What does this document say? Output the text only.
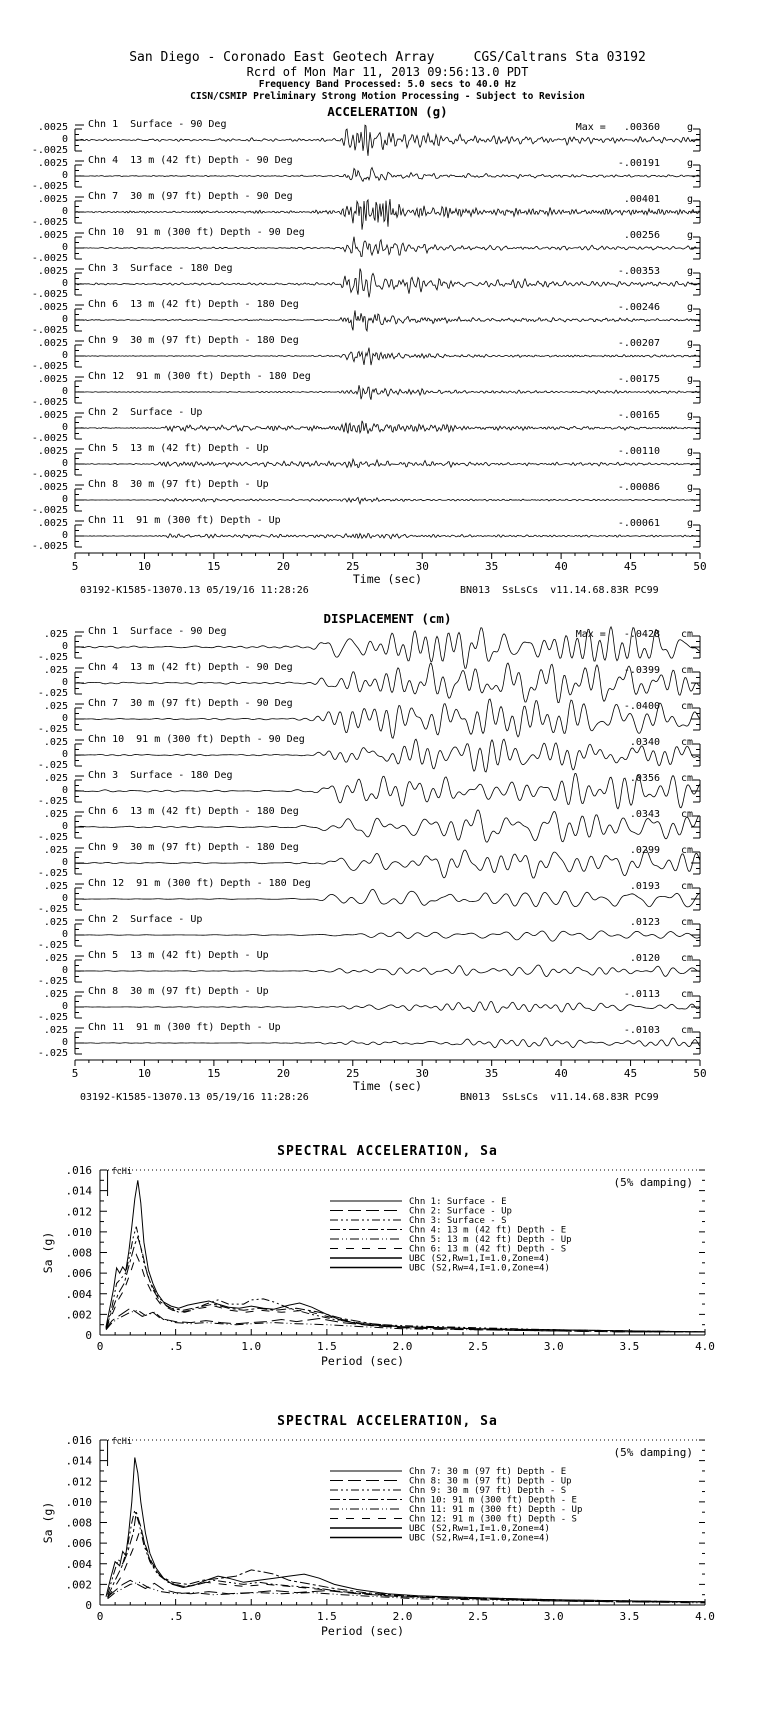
San Diego - Coronado East Geotech Array     CGS/Caltrans Sta 03192
Rcrd of Mon Mar 11, 2013 09:56:13.0 PDT
Frequency Band Processed: 5.0 secs to 40.0 Hz
CISN/CSMIP Preliminary Strong Motion Processing - Subject to Revision
ACCELERATION (g)
.0025
0
-.0025
Chn 1  Surface - 90 Deg	Max =   .00360	g
.0025
0
-.0025
Chn 4  13 m (42 ft) Depth - 90 Deg	-.00191	g
.0025
0
-.0025
Chn 7  30 m (97 ft) Depth - 90 Deg	.00401	g
.0025
0
-.0025
Chn 10  91 m (300 ft) Depth - 90 Deg	.00256	g
.0025
0
-.0025
Chn 3  Surface - 180 Deg	-.00353	g
.0025
0
-.0025
Chn 6  13 m (42 ft) Depth - 180 Deg	-.00246	g
.0025
0
-.0025
Chn 9  30 m (97 ft) Depth - 180 Deg	-.00207	g
.0025
0
-.0025
Chn 12  91 m (300 ft) Depth - 180 Deg	-.00175	g
.0025
0
-.0025
Chn 2  Surface - Up	-.00165	g
.0025
0
-.0025
Chn 5  13 m (42 ft) Depth - Up	-.00110	g
.0025
0
-.0025
Chn 8  30 m (97 ft) Depth - Up	-.00086	g
.0025
0
-.0025
Chn 11  91 m (300 ft) Depth - Up	-.00061	g
5	10	15	20	25	30	35	40	45	50
Time (sec)
03192-K1585-13070.13 05/19/16 11:28:26	BN013  SsLsCs  v11.14.68.83R PC99
DISPLACEMENT (cm)
.025
0
-.025
Chn 1  Surface - 90 Deg	Max =   -.0428 cm
.025
0
-.025
Chn 4  13 m (42 ft) Depth - 90 Deg	-.0399 cm
.025
0
-.025
Chn 7  30 m (97 ft) Depth - 90 Deg	-.0400 cm
.025
0
-.025
Chn 10  91 m (300 ft) Depth - 90 Deg	.0340 cm
.025
0
-.025
Chn 3  Surface - 180 Deg	.0356 cm
.025
0
-.025
Chn 6  13 m (42 ft) Depth - 180 Deg	.0343 cm
.025
0
-.025
Chn 9  30 m (97 ft) Depth - 180 Deg	.0299 cm
.025
0
-.025
Chn 12  91 m (300 ft) Depth - 180 Deg	.0193 cm
.025
0
-.025
Chn 2  Surface - Up	.0123 cm
.025
0
-.025
Chn 5  13 m (42 ft) Depth - Up	.0120 cm
.025
0
-.025
Chn 8  30 m (97 ft) Depth - Up	-.0113 cm
.025
0
-.025
Chn 11  91 m (300 ft) Depth - Up	-.0103 cm
5	10	15	20	25	30	35	40	45	50
Time (sec)
03192-K1585-13070.13 05/19/16 11:28:26	BN013  SsLsCs  v11.14.68.83R PC99
SPECTRAL ACCELERATION, Sa
.002
.004
.006
.008
.010
.012
.014
.016
0
0	.5	1.0	1.5	2.0	2.5	3.0	3.5	4.0
Period (sec)
Sa (g)
fcHi
(5% damping)
Chn 1: Surface - E
Chn 2: Surface - Up
Chn 3: Surface - S
Chn 4: 13 m (42 ft) Depth - E
Chn 5: 13 m (42 ft) Depth - Up
Chn 6: 13 m (42 ft) Depth - S
UBC (S2,Rw=1,I=1.0,Zone=4)
UBC (S2,Rw=4,I=1.0,Zone=4)
SPECTRAL ACCELERATION, Sa
.002
.004
.006
.008
.010
.012
.014
.016
0
0	.5	1.0	1.5	2.0	2.5	3.0	3.5	4.0
Period (sec)
Sa (g)
fcHi
(5% damping)
Chn 7: 30 m (97 ft) Depth - E
Chn 8: 30 m (97 ft) Depth - Up
Chn 9: 30 m (97 ft) Depth - S
Chn 10: 91 m (300 ft) Depth - E
Chn 11: 91 m (300 ft) Depth - Up
Chn 12: 91 m (300 ft) Depth - S
UBC (S2,Rw=1,I=1.0,Zone=4)
UBC (S2,Rw=4,I=1.0,Zone=4)
